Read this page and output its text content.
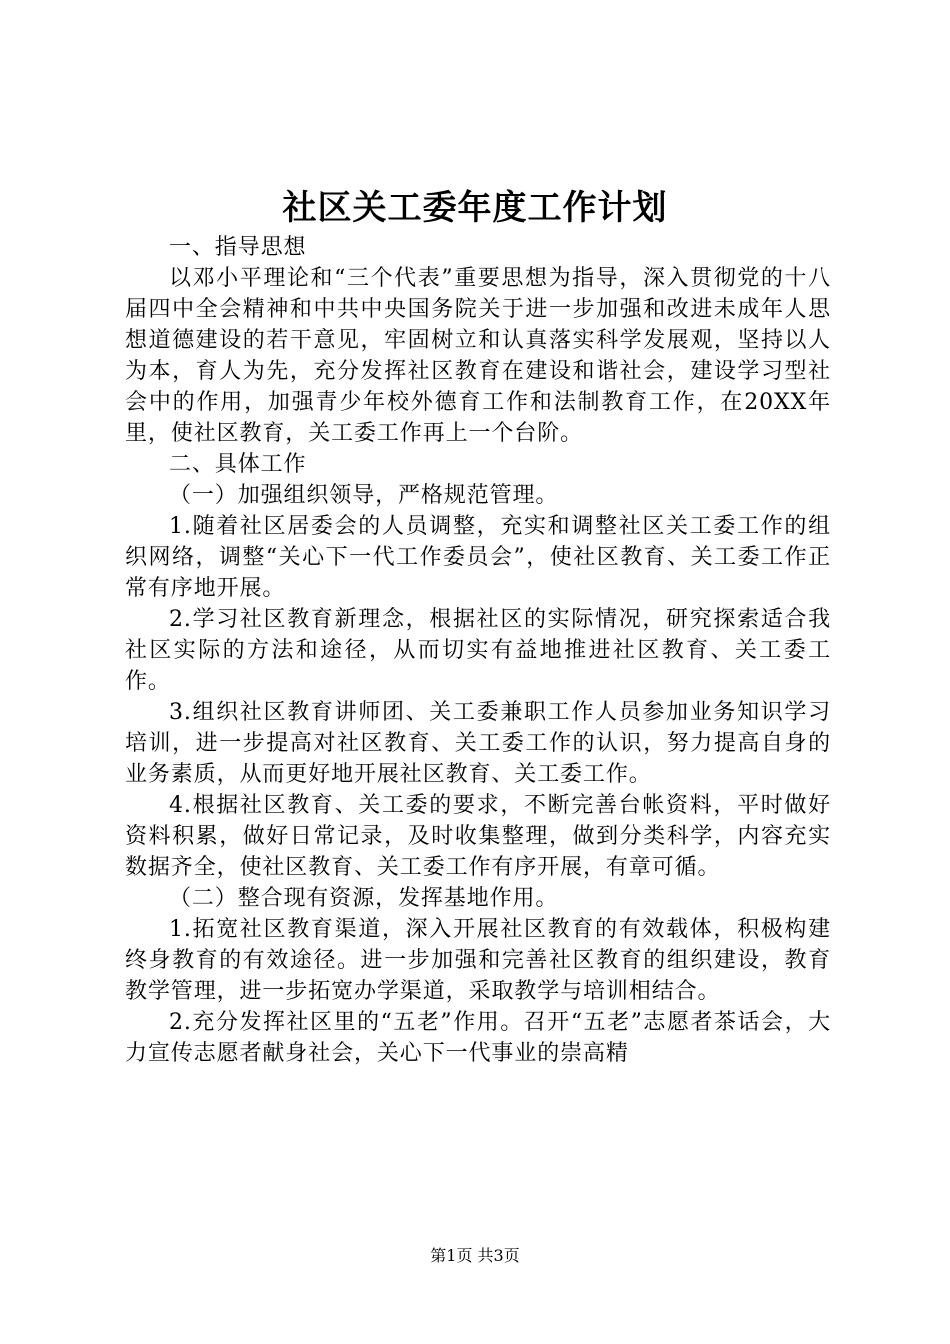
社区关工委年度工作计划

一、指导思想

以邓小平理论和“三个代表”重要思想为指导，深入贯彻党的十八届四中全会精神和中共中央国务院关于进一步加强和改进未成年人思想道德建设的若干意见，牢固树立和认真落实科学发展观，坚持以人为本，育人为先，充分发挥社区教育在建设和谐社会，建设学习型社会中的作用，加强青少年校外德育工作和法制教育工作，在20XX年里，使社区教育，关工委工作再上一个台阶。

二、具体工作

（一）加强组织领导，严格规范管理。

1.随着社区居委会的人员调整，充实和调整社区关工委工作的组织网络，调整“关心下一代工作委员会”，使社区教育、关工委工作正常有序地开展。

2.学习社区教育新理念，根据社区的实际情况，研究探索适合我社区实际的方法和途径，从而切实有益地推进社区教育、关工委工作。

3.组织社区教育讲师团、关工委兼职工作人员参加业务知识学习培训，进一步提高对社区教育、关工委工作的认识，努力提高自身的业务素质，从而更好地开展社区教育、关工委工作。

4.根据社区教育、关工委的要求，不断完善台帐资料，平时做好资料积累，做好日常记录，及时收集整理，做到分类科学，内容充实数据齐全，使社区教育、关工委工作有序开展，有章可循。

（二）整合现有资源，发挥基地作用。

1.拓宽社区教育渠道，深入开展社区教育的有效载体，积极构建终身教育的有效途径。进一步加强和完善社区教育的组织建设，教育教学管理，进一步拓宽办学渠道，采取教学与培训相结合。

2.充分发挥社区里的“五老”作用。召开“五老”志愿者茶话会，大力宣传志愿者献身社会，关心下一代事业的崇高精

第1页 共3页
